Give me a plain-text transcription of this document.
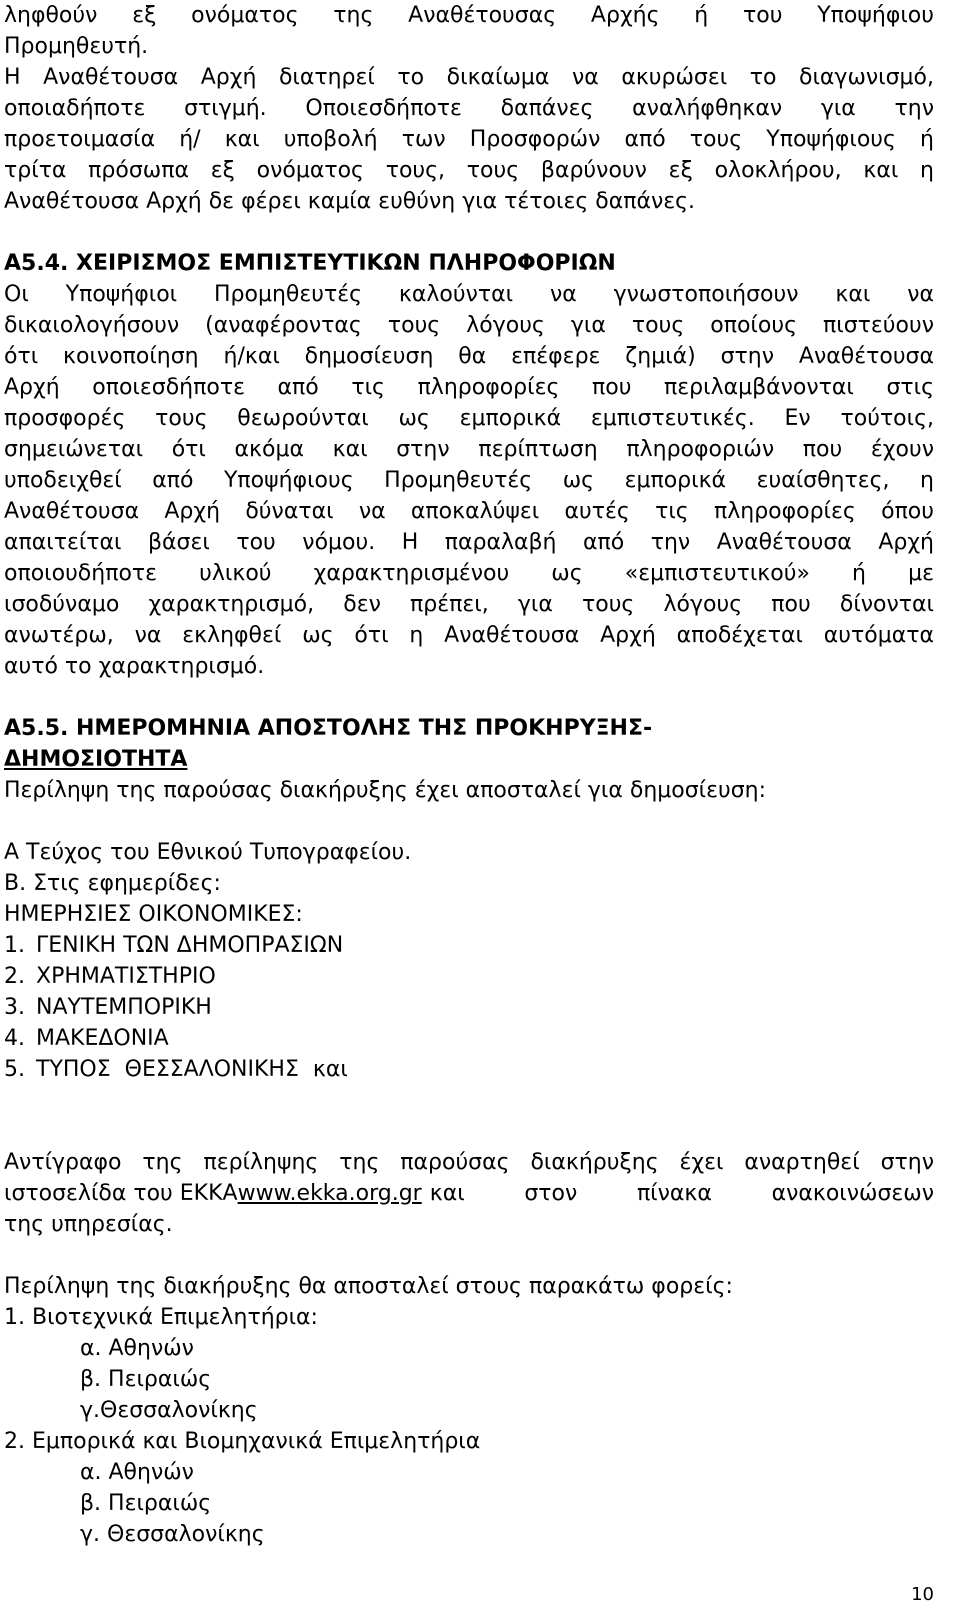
ληφθούν εξ ονόματος της Αναθέτουσας Αρχής ή του Υποψήφιου
Προμηθευτή.
Η Αναθέτουσα Αρχή διατηρεί το δικαίωμα να ακυρώσει το διαγωνισμό,
οποιαδήποτε στιγμή. Οποιεσδήποτε δαπάνες αναλήφθηκαν για την
προετοιμασία ή/ και υποβολή των Προσφορών από τους Υποψήφιους ή
τρίτα πρόσωπα εξ ονόματος τους, τους βαρύνουν εξ ολοκλήρου, και η
Αναθέτουσα Αρχή δε φέρει καμία ευθύνη για τέτοιες δαπάνες.
Α5.4. ΧΕΙΡΙΣΜΟΣ ΕΜΠΙΣΤΕΥΤΙΚΩΝ ΠΛΗΡΟΦΟΡΙΩΝ
Οι Υποψήφιοι Προμηθευτές καλούνται να γνωστοποιήσουν και να
δικαιολογήσουν (αναφέροντας τους λόγους για τους οποίους πιστεύουν
ότι κοινοποίηση ή/και δημοσίευση θα επέφερε ζημιά) στην Αναθέτουσα
Αρχή οποιεσδήποτε από τις πληροφορίες που περιλαμβάνονται στις
προσφορές τους θεωρούνται ως εμπορικά εμπιστευτικές. Εν τούτοις,
σημειώνεται ότι ακόμα και στην περίπτωση πληροφοριών που έχουν
υποδειχθεί από Υποψήφιους Προμηθευτές ως εμπορικά ευαίσθητες, η
Αναθέτουσα Αρχή δύναται να αποκαλύψει αυτές τις πληροφορίες όπου
απαιτείται βάσει του νόμου. Η παραλαβή από την Αναθέτουσα Αρχή
οποιουδήποτε υλικού χαρακτηρισμένου ως «εμπιστευτικού» ή με
ισοδύναμο χαρακτηρισμό, δεν πρέπει, για τους λόγους που δίνονται
ανωτέρω, να εκληφθεί ως ότι η Αναθέτουσα Αρχή αποδέχεται αυτόματα
αυτό το χαρακτηρισμό.
Α5.5. ΗΜΕΡΟΜΗΝΙΑ ΑΠΟΣΤΟΛΗΣ ΤΗΣ ΠΡΟΚΗΡΥΞΗΣ-
ΔΗΜΟΣΙΟΤΗΤΑ
Περίληψη της παρούσας διακήρυξης έχει αποσταλεί για δημοσίευση:
Α Τεύχος του Εθνικού Τυπογραφείου.
Β. Στις εφημερίδες:
ΗΜΕΡΗΣΙΕΣ ΟΙΚΟΝΟΜΙΚΕΣ:
1. ΓΕΝΙΚΗ ΤΩΝ ΔΗΜΟΠΡΑΣΙΩΝ
2. ΧΡΗΜΑΤΙΣΤΗΡΙΟ
3. ΝΑΥΤΕΜΠΟΡΙΚΗ
4. ΜΑΚΕΔΟΝΙΑ
5. ΤΥΠΟΣ  ΘΕΣΣΑΛΟΝΙΚΗΣ  και
Αντίγραφο της περίληψης της παρούσας διακήρυξης έχει αναρτηθεί στην
ιστοσελίδα του ΕΚΚΑ www.ekka.org.gr και	στον	πίνακα	ανακοινώσεων
της υπηρεσίας.
Περίληψη της διακήρυξης θα αποσταλεί στους παρακάτω φορείς:
1. Βιοτεχνικά Επιμελητήρια:
α. Αθηνών
β. Πειραιώς
γ.Θεσσαλονίκης
2. Εμπορικά και Βιομηχανικά Επιμελητήρια
α. Αθηνών
β. Πειραιώς
γ. Θεσσαλονίκης
10
